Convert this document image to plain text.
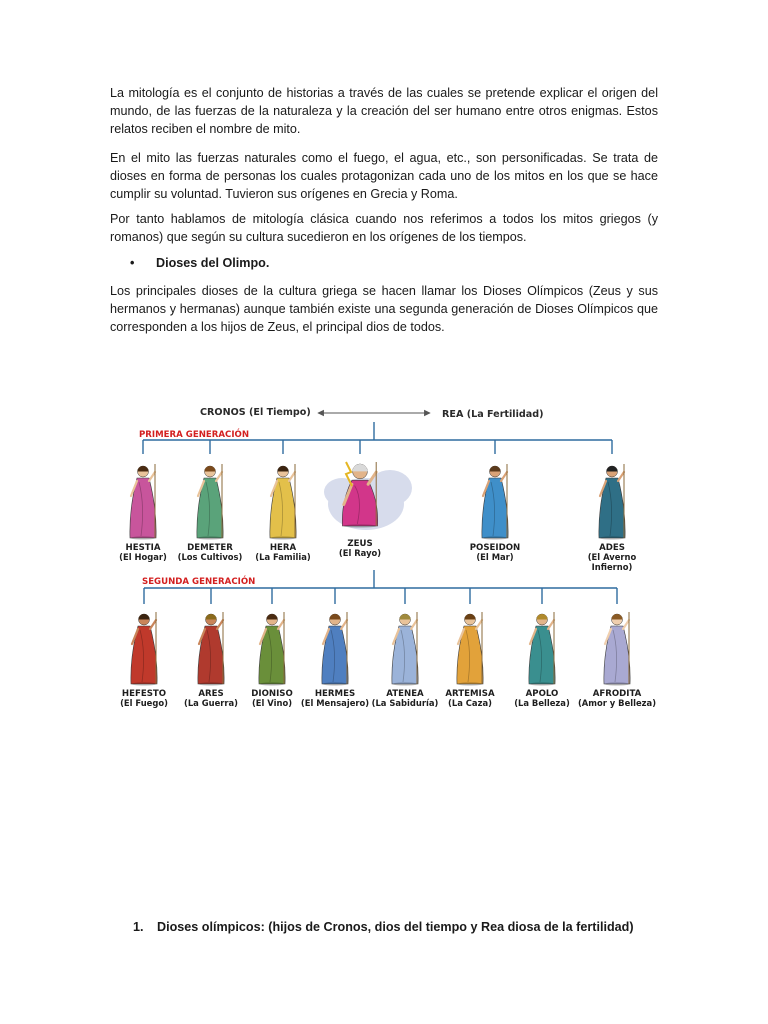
La mitología es el conjunto de historias a través de las cuales se pretende explicar el origen del mundo, de las fuerzas de la naturaleza y la creación del ser humano entre otros enigmas. Estos relatos reciben el nombre de mito.

En el mito las fuerzas naturales como el fuego, el agua, etc., son personificadas. Se trata de dioses en forma de personas los cuales protagonizan cada uno de los mitos en los que se hace cumplir su voluntad. Tuvieron sus orígenes en Grecia y Roma.

Por tanto hablamos de mitología clásica cuando nos referimos a todos los mitos griegos (y romanos) que según su cultura sucedieron en los orígenes de los tiempos.

• Dioses del Olimpo.

Los principales dioses de la cultura griega se hacen llamar los Dioses Olímpicos (Zeus y sus hermanos y hermanas) aunque también existe una segunda generación de Dioses Olímpicos que corresponden a los hijos de Zeus, el principal dios de todos.

CRONOS (El Tiempo)	REA (La Fertilidad)
PRIMERA GENERACIÓN
SEGUNDA GENERACIÓN
HESTIA
(El Hogar)
DEMETER
(Los Cultivos)
HERA
(La Familia)
ZEUS
(El Rayo)	POSEIDON
(El Mar)
ADES
(El Averno
Infierno)
HEFESTO
(El Fuego)
ARES
(La Guerra)
DIONISO
(El Vino)
HERMES
(El Mensajero)
ATENEA
(La Sabiduría)
ARTEMISA
(La Caza)
APOLO
(La Belleza)
AFRODITA
(Amor y Belleza)
1. Dioses olímpicos: (hijos de Cronos, dios del tiempo y Rea diosa de la fertilidad)
